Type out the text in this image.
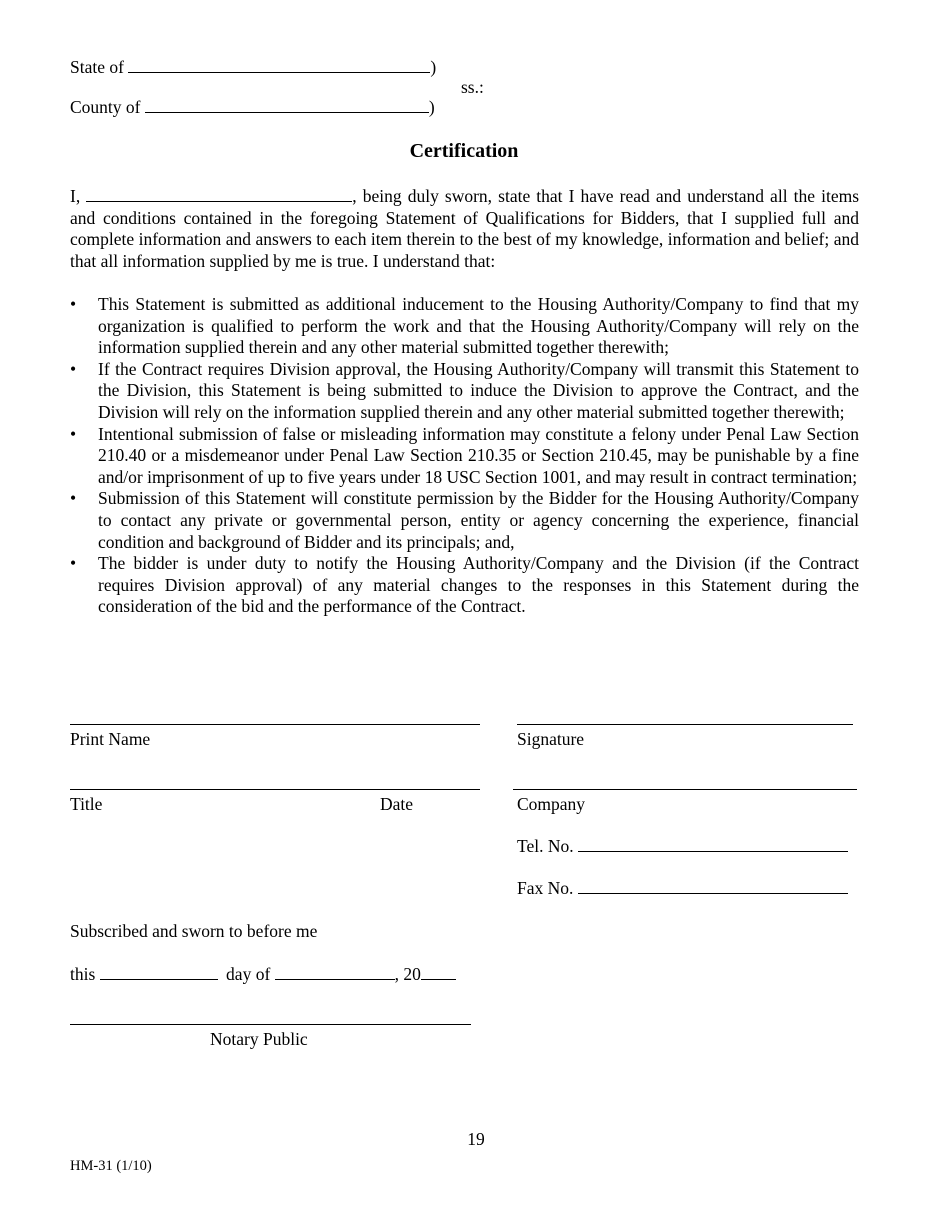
State of	)
ss.:
County of	)
Certification
I,	, being duly sworn, state that I have read and understand all the items and conditions contained in the foregoing Statement of Qualifications for Bidders, that I supplied full and complete information and answers to each item therein to the best of my knowledge, information and belief; and that all information supplied by me is true. I understand that:
• This Statement is submitted as additional inducement to the Housing Authority/Company to find that my organization is qualified to perform the work and that the Housing Authority/Company will rely on the information supplied therein and any other material submitted together therewith;
• If the Contract requires Division approval, the Housing Authority/Company will transmit this Statement to the Division, this Statement is being submitted to induce the Division to approve the Contract, and the Division will rely on the information supplied therein and any other material submitted together therewith;
• Intentional submission of false or misleading information may constitute a felony under Penal Law Section 210.40 or a misdemeanor under Penal Law Section 210.35 or Section 210.45, may be punishable by a fine and/or imprisonment of up to five years under 18 USC Section 1001, and may result in contract termination;
• Submission of this Statement will constitute permission by the Bidder for the Housing Authority/Company to contact any private or governmental person, entity or agency concerning the experience, financial condition and background of Bidder and its principals; and,
• The bidder is under duty to notify the Housing Authority/Company and the Division (if the Contract requires Division approval) of any material changes to the responses in this Statement during the consideration of the bid and the performance of the Contract.
Print Name	Signature
Title	Date	Company
Tel. No.
Fax No.
Subscribed and sworn to before me
this	day of	, 20
Notary Public
19
HM-31 (1/10)
